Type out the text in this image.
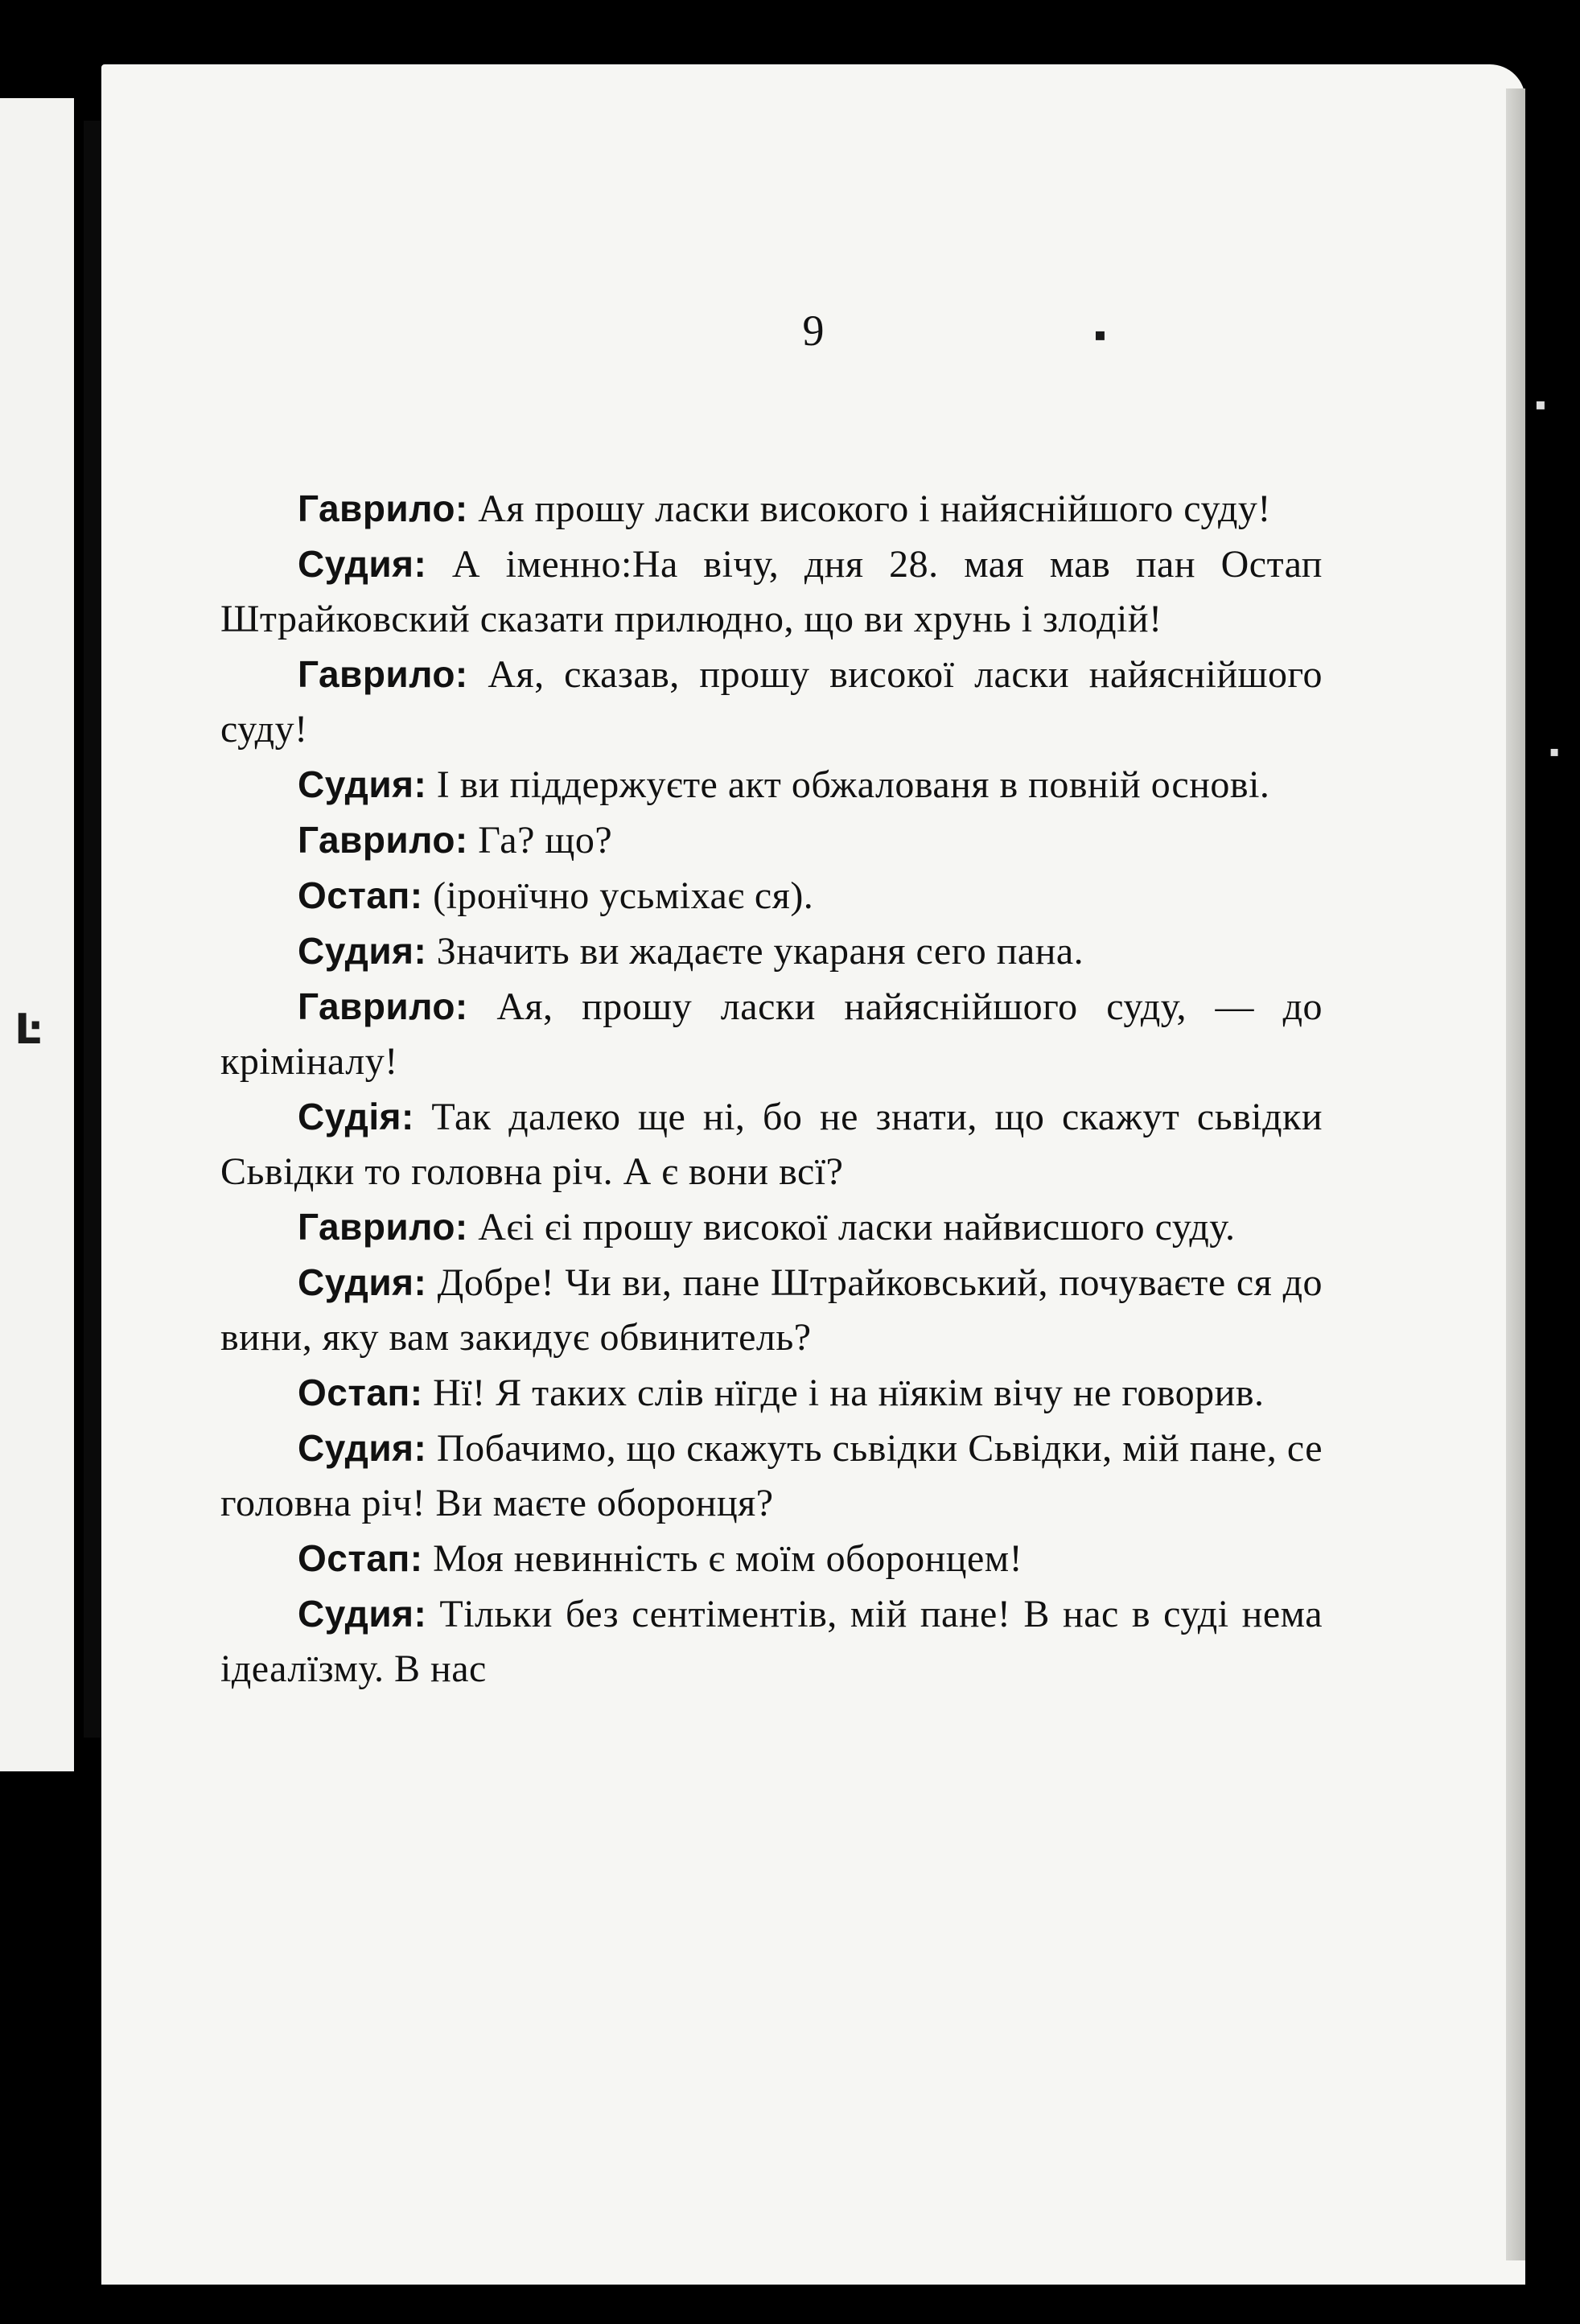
9

Гаврило: Ая прошу ласки високого і найяснійшого суду!

Судия: А іменно:На вічу, дня 28. мая мав пан Остап Штрайковский сказати прилюдно, що ви хрунь і злодій!

Гаврило: Ая, сказав, прошу високої ласки найяснійшого суду!

Судия: І ви піддержуєте акт обжалованя в повній основі.

Гаврило: Га? що?

Остап: (іронїчно усьміхає ся).

Судия: Значить ви жадаєте укараня сего пана.

Гаврило: Ая, прошу ласки найяснійшого суду, — до кріміналу!

Судія: Так далеко ще ні, бо не знати, що скажут сьвідки Сьвідки то головна річ. А є вони всї?

Гаврило: Аєі єі прошу високої ласки найвисшого суду.

Судия: Добре! Чи ви, пане Штрайковський, почуваєте ся до вини, яку вам закидує обвинитель?

Остап: Нї! Я таких слів нїгде і на нїякім вічу не говорив.

Судия: Побачимо, що скажуть сьвідки Сьвідки, мій пане, се головна річ! Ви маєте оборонця?

Остап: Моя невинність є моїм оборонцем!

Судия: Тільки без сентіментів, мій пане! В нас в суді нема ідеалїзму. В нас

▪
▪
▪
Ŀ
